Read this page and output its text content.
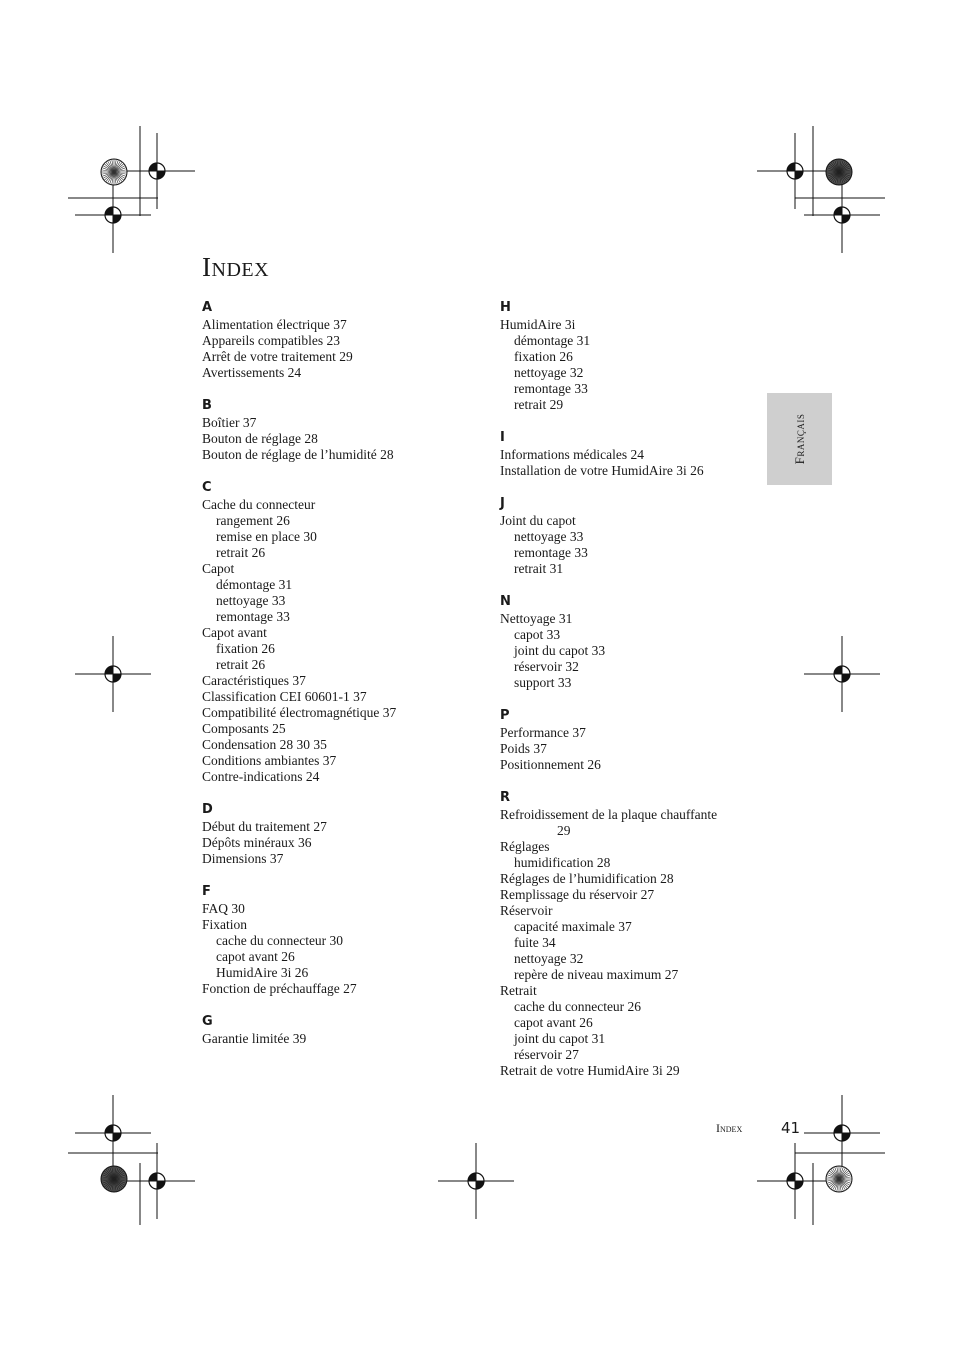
INDEX
A
Alimentation électrique 37
Appareils compatibles 23
Arrêt de votre traitement 29
Avertissements 24
B
Boîtier 37
Bouton de réglage 28
Bouton de réglage de l’humidité 28
C
Cache du connecteur
rangement 26
remise en place 30
retrait 26
Capot
démontage 31
nettoyage 33
remontage 33
Capot avant
fixation 26
retrait 26
Caractéristiques 37
Classification CEI 60601-1 37
Compatibilité électromagnétique 37
Composants 25
Condensation 28 30 35
Conditions ambiantes 37
Contre-indications 24
D
Début du traitement 27
Dépôts minéraux 36
Dimensions 37
F
FAQ 30
Fixation
cache du connecteur 30
capot avant 26
HumidAire 3i 26
Fonction de préchauffage 27
G
Garantie limitée 39
H
HumidAire 3i
démontage 31
fixation 26
nettoyage 32
remontage 33
retrait 29
I
Informations médicales 24
Installation de votre HumidAire 3i 26
J
Joint du capot
nettoyage 33
remontage 33
retrait 31
N
Nettoyage 31
capot 33
joint du capot 33
réservoir 32
support 33
P
Performance 37
Poids 37
Positionnement 26
R
Refroidissement de la plaque chauffante
29
Réglages
humidification 28
Réglages de l’humidification 28
Remplissage du réservoir 27
Réservoir
capacité maximale 37
fuite 34
nettoyage 32
repère de niveau maximum 27
Retrait
cache du connecteur 26
capot avant 26
joint du capot 31
réservoir 27
Retrait de votre HumidAire 3i 29
Français
Index	41
